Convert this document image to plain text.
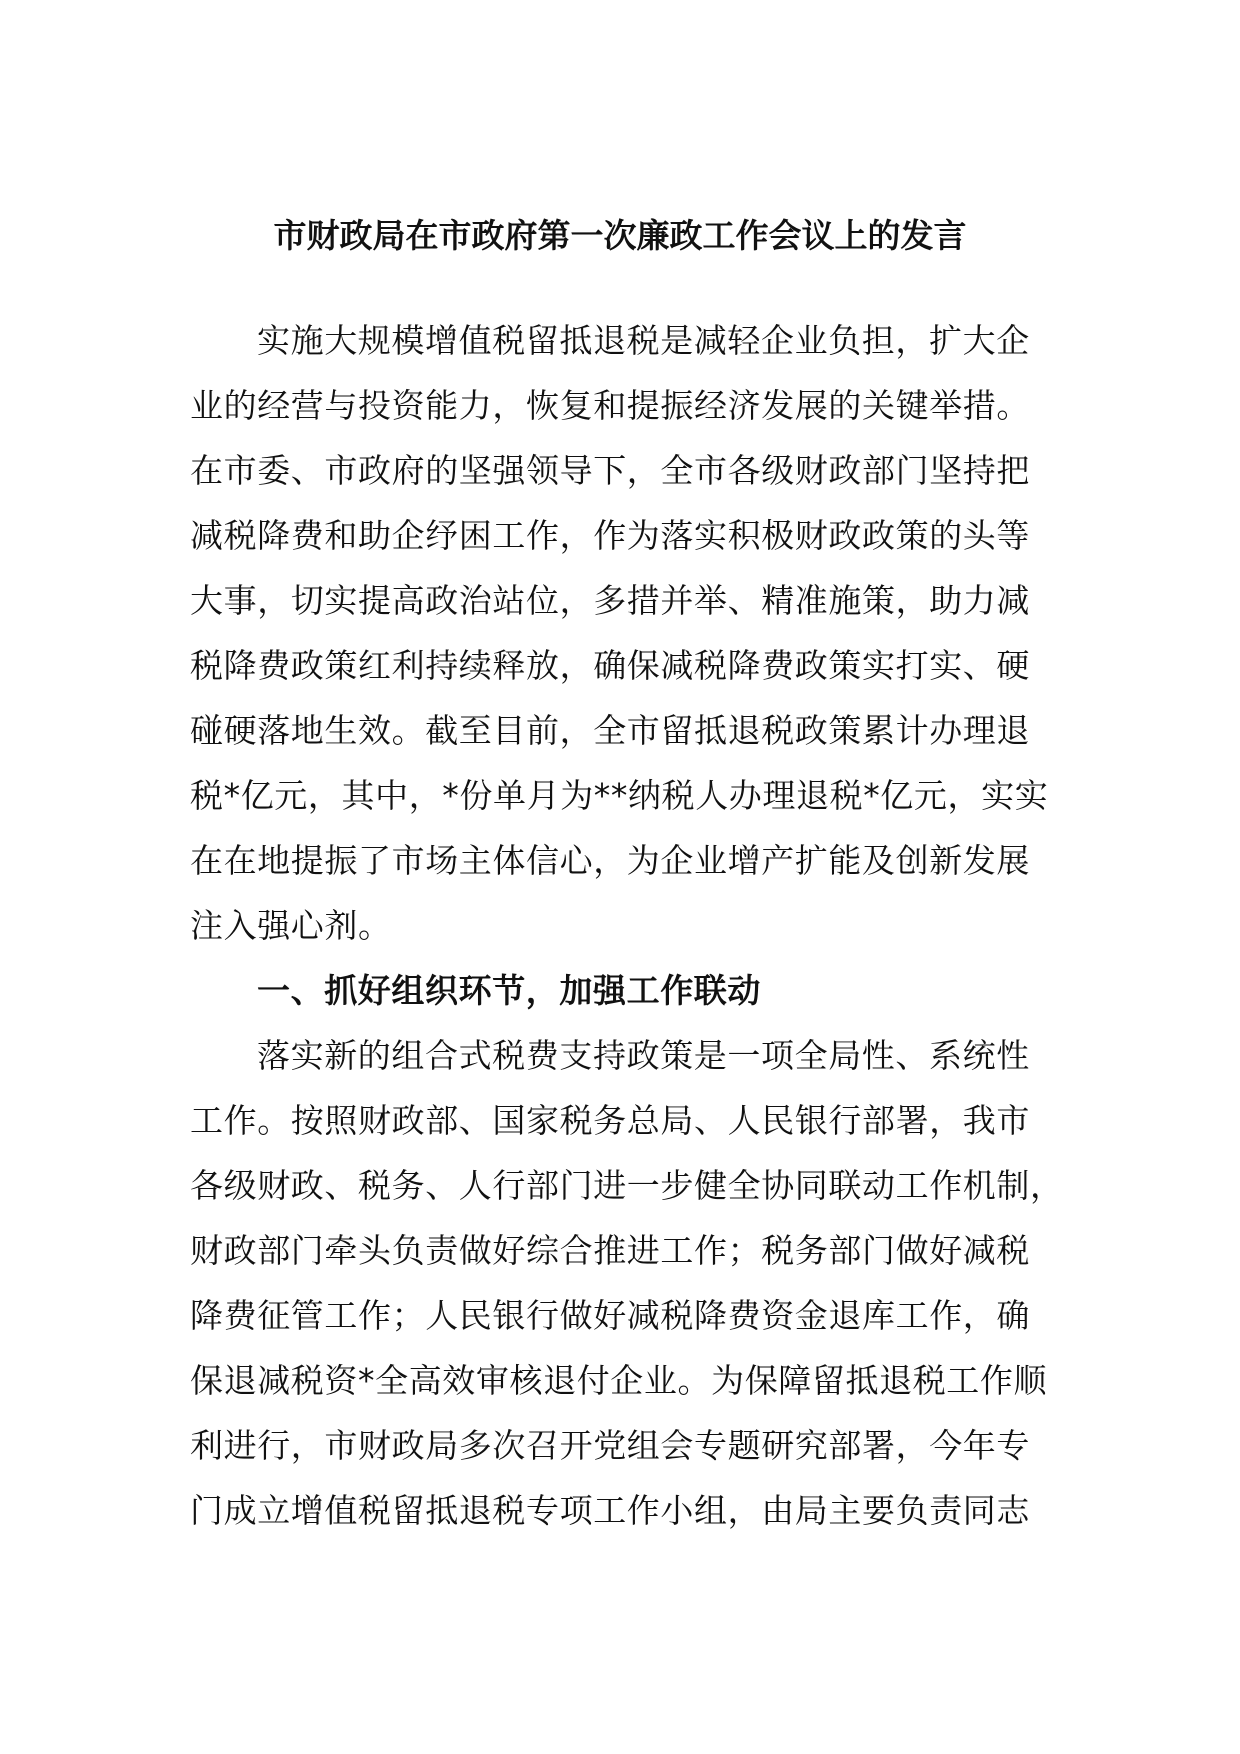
市财政局在市政府第一次廉政工作会议上的发言
实施大规模增值税留抵退税是减轻企业负担，扩大企
业的经营与投资能力，恢复和提振经济发展的关键举措。
在市委、市政府的坚强领导下，全市各级财政部门坚持把
减税降费和助企纾困工作，作为落实积极财政政策的头等
大事，切实提高政治站位，多措并举、精准施策，助力减
税降费政策红利持续释放，确保减税降费政策实打实、硬
碰硬落地生效。截至目前，全市留抵退税政策累计办理退
税*亿元，其中，*份单月为**纳税人办理退税*亿元，实实
在在地提振了市场主体信心，为企业增产扩能及创新发展
注入强心剂。
一、抓好组织环节，加强工作联动
落实新的组合式税费支持政策是一项全局性、系统性
工作。按照财政部、国家税务总局、人民银行部署，我市
各级财政、税务、人行部门进一步健全协同联动工作机制，
财政部门牵头负责做好综合推进工作；税务部门做好减税
降费征管工作；人民银行做好减税降费资金退库工作，确
保退减税资*全高效审核退付企业。为保障留抵退税工作顺
利进行，市财政局多次召开党组会专题研究部署，今年专
门成立增值税留抵退税专项工作小组，由局主要负责同志
